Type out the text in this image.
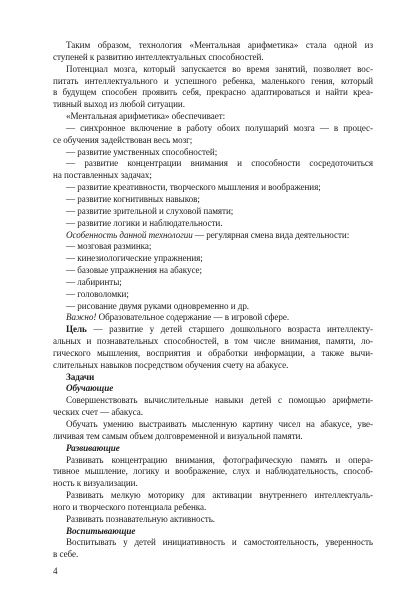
Таким образом, технология «Ментальная арифметика» стала одной из
ступеней к развитию интеллектуальных способностей.
Потенциал мозга, который запускается во время занятий, позволяет вос-
питать интеллектуального и успешного ребенка, маленького гения, который
в будущем способен проявить себя, прекрасно адаптироваться и найти креа-
тивный выход из любой ситуации.
«Ментальная арифметика» обеспечивает:
— синхронное включение в работу обоих полушарий мозга — в процес-
се обучения задействован весь мозг;
— развитие умственных способностей;
— развитие концентрации внимания и способности сосредоточиться
на поставленных задачах;
— развитие креативности, творческого мышления и воображения;
— развитие когнитивных навыков;
— развитие зрительной и слуховой памяти;
— развитие логики и наблюдательности.
Особенность данной технологии — регулярная смена вида деятельности:
— мозговая разминка;
— кинезиологические упражнения;
— базовые упражнения на абакусе;
— лабиринты;
— головоломки;
— рисование двумя руками одновременно и др.
Важно! Образовательное содержание — в игровой сфере.
Цель — развитие у детей старшего дошкольного возраста интеллекту-
альных и познавательных способностей, в том числе внимания, памяти, ло-
гического мышления, восприятия и обработки информации, а также вычи-
слительных навыков посредством обучения счету на абакусе.
Задачи
Обучающие
Совершенствовать вычислительные навыки детей с помощью арифмети-
ческих счет — абакуса.
Обучать умению выстраивать мысленную картину чисел на абакусе, уве-
личивая тем самым объем долговременной и визуальной памяти.
Развивающие
Развивать концентрацию внимания, фотографическую память и опера-
тивное мышление, логику и воображение, слух и наблюдательность, способ-
ность к визуализации.
Развивать мелкую моторику для активации внутреннего интеллектуаль-
ного и творческого потенциала ребенка.
Развивать познавательную активность.
Воспитывающие
Воспитывать у детей инициативность и самостоятельность, уверенность
в себе.
4
